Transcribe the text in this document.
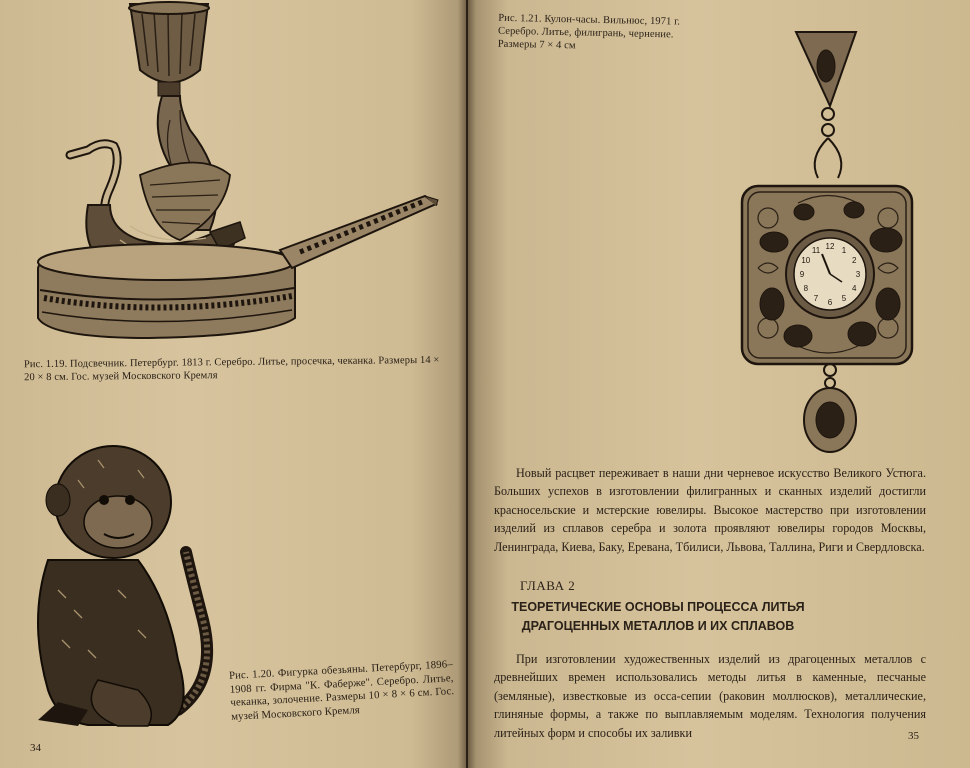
Рис. 1.19. Подсвечник. Петербург. 1813 г. Серебро. Литье, просечка, чеканка. Размеры 14 × 20 × 8 см. Гос. музей Московского Кремля
Рис. 1.20. Фигурка обезьяны. Петербург, 1896–1908 гг. Фирма "К. Фаберже". Серебро. Литье, чеканка, золочение. Размеры 10 × 8 × 6 см. Гос. музей Московского Кремля
34
Рис. 1.21. Кулон-часы. Вильнюс, 1971 г. Серебро. Литье, филигрань, чернение. Размеры 7 × 4 см
12 1
2
3
4
5
6
7
8
9
10
11

Новый расцвет переживает в наши дни черневое искусство Великого Устюга. Больших успехов в изготовлении филигранных и сканных изделий достигли красносельские и мстерские ювелиры. Высокое мастерство при изготовлении изделий из сплавов серебра и золота проявляют ювелиры городов Москвы, Ленинграда, Киева, Баку, Еревана, Тбилиси, Львова, Таллина, Риги и Свердловска.

ГЛАВА 2
ТЕОРЕТИЧЕСКИЕ ОСНОВЫ ПРОЦЕССА ЛИТЬЯ
ДРАГОЦЕННЫХ МЕТАЛЛОВ И ИХ СПЛАВОВ

При изготовлении художественных изделий из драгоценных металлов с древнейших времен использовались методы литья в каменные, песчаные (земляные), известковые из осса-сепии (раковин моллюсков), металлические, глиняные формы, а также по выплавляемым моделям. Технология получения литейных форм и способы их заливки	35
